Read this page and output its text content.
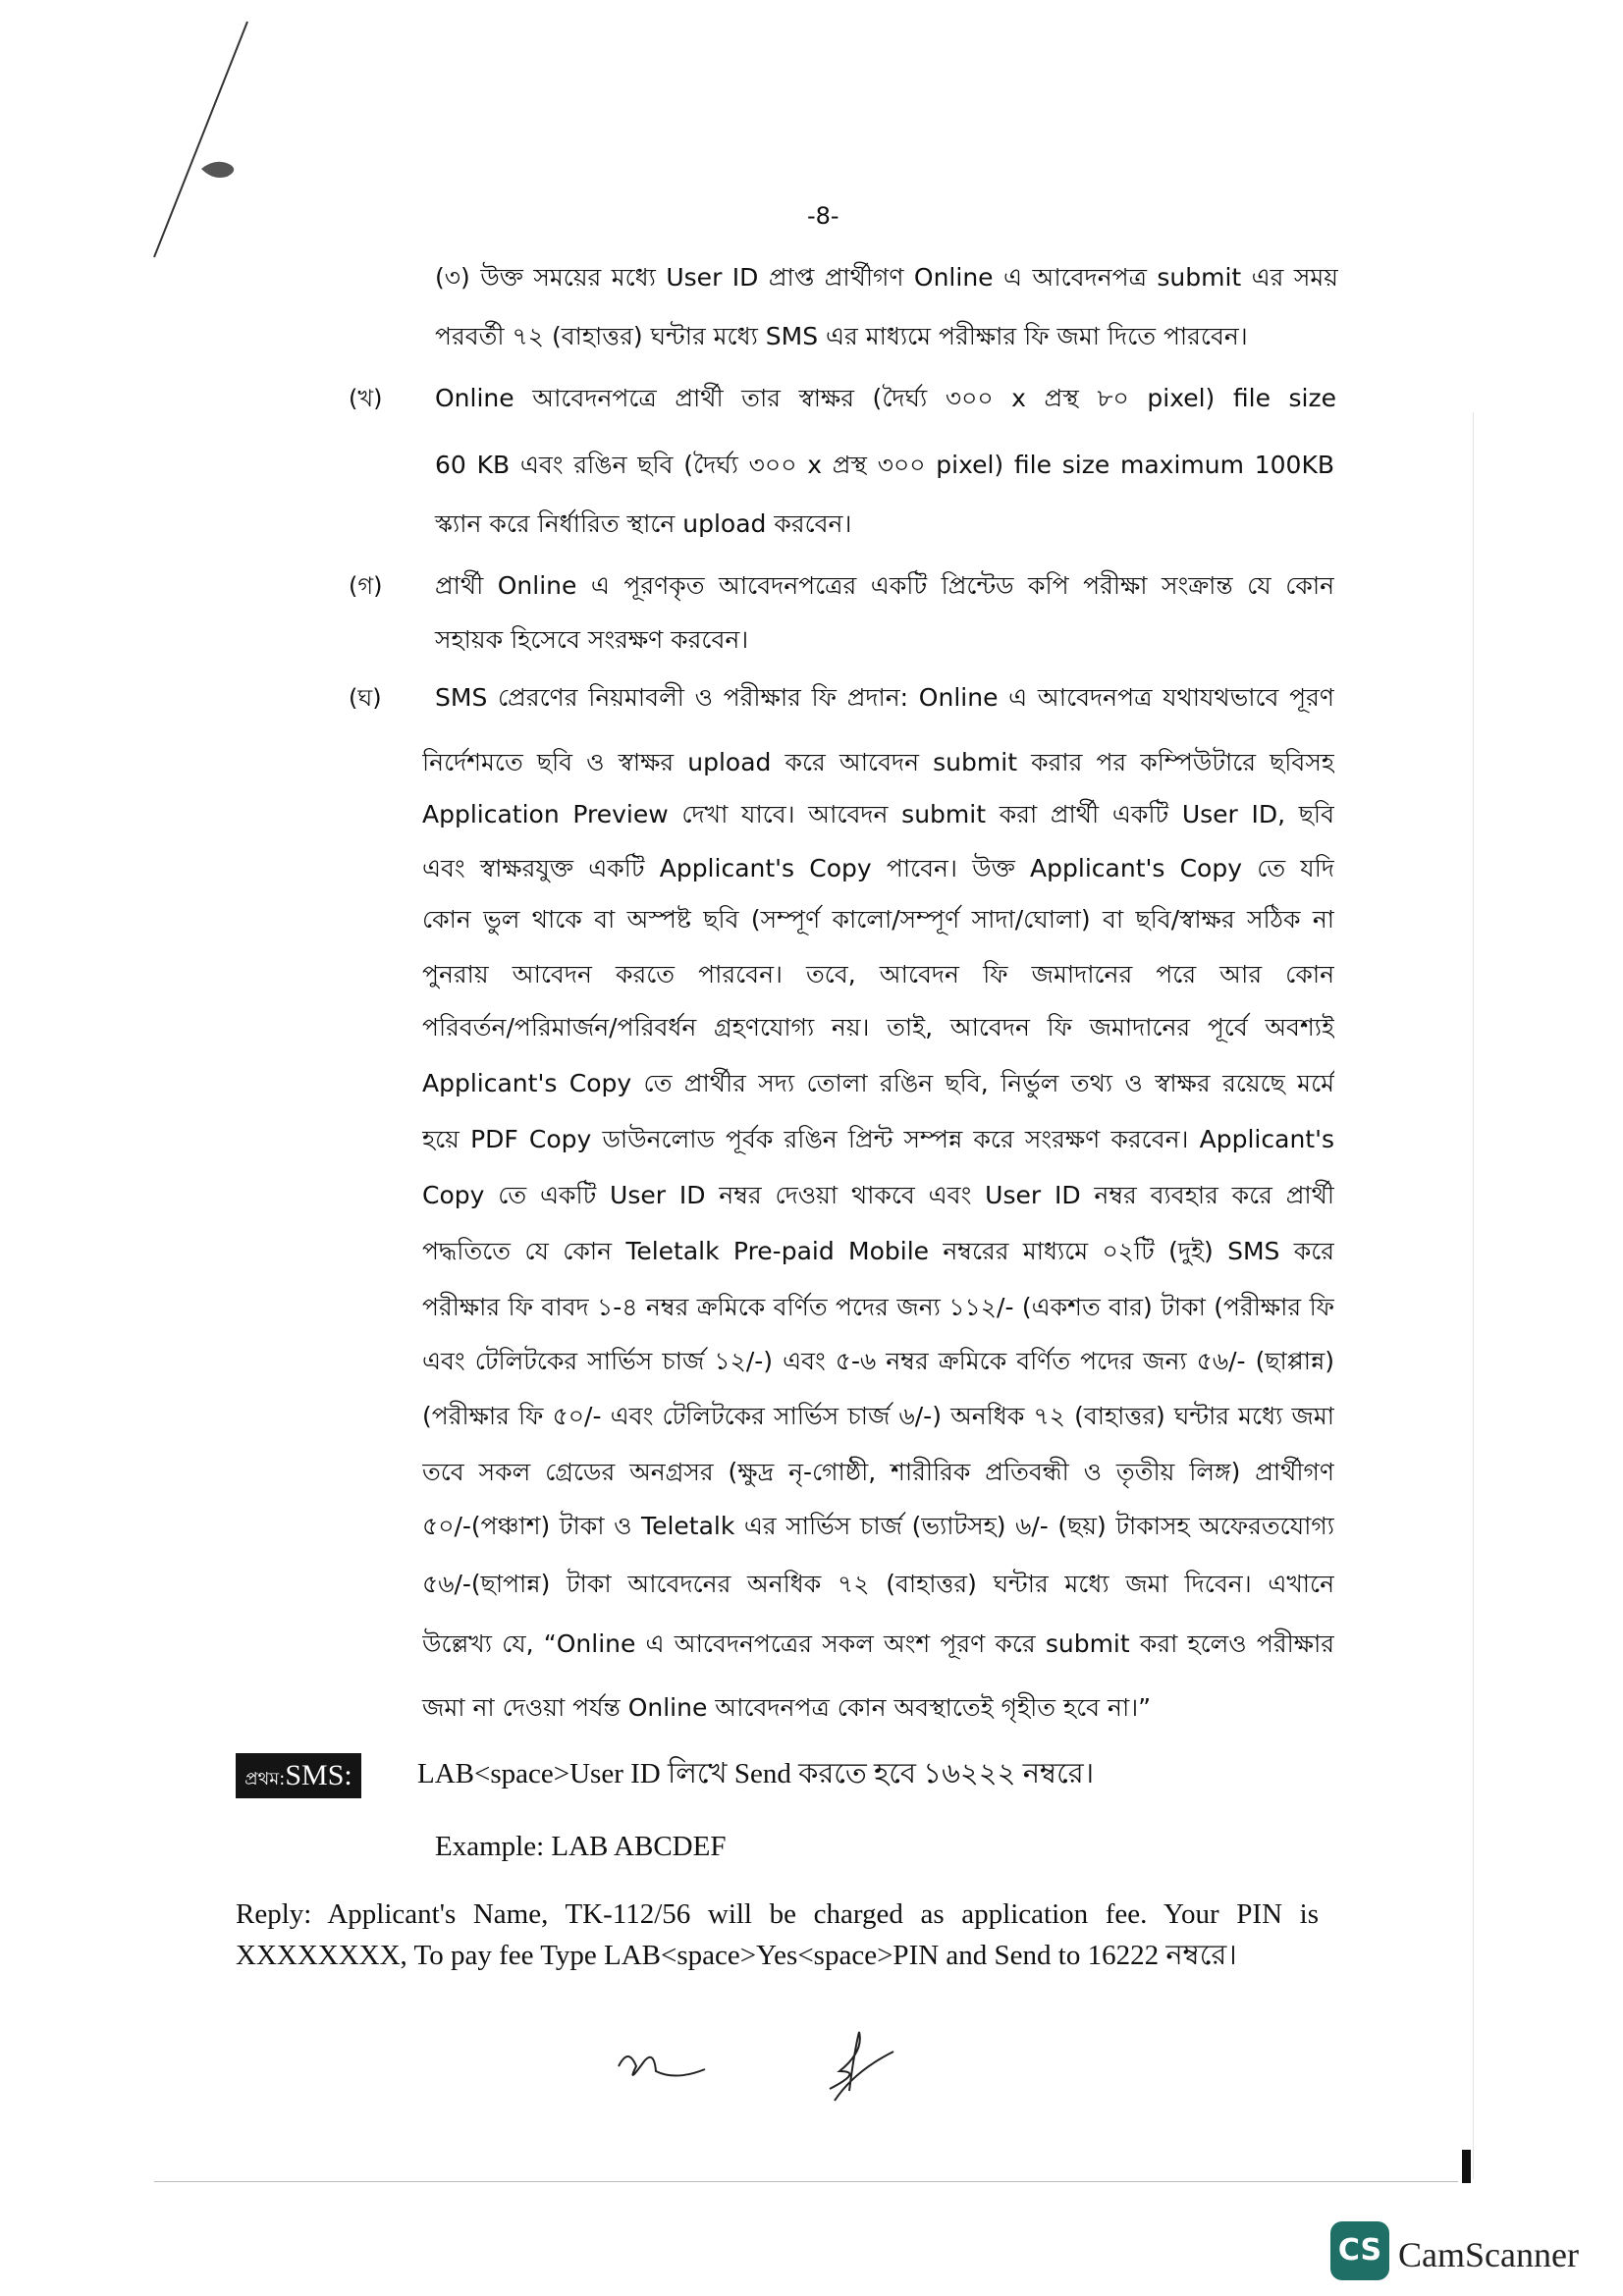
-8-
(৩) উক্ত সময়ের মধ্যে User ID প্রাপ্ত প্রার্থীগণ Online এ আবেদনপত্র submit এর সময়
পরবর্তী ৭২ (বাহাত্তর) ঘন্টার মধ্যে SMS এর মাধ্যমে পরীক্ষার ফি জমা দিতে পারবেন।
(খ) Online আবেদনপত্রে প্রার্থী তার স্বাক্ষর (দৈর্ঘ্য ৩০০ x প্রস্থ ৮০ pixel) file size
60 KB এবং রঙিন ছবি (দৈর্ঘ্য ৩০০ x প্রস্থ ৩০০ pixel) file size maximum 100KB
স্ক্যান করে নির্ধারিত স্থানে upload করবেন।
(গ) প্রার্থী Online এ পূরণকৃত আবেদনপত্রের একটি প্রিন্টেড কপি পরীক্ষা সংক্রান্ত যে কোন
সহায়ক হিসেবে সংরক্ষণ করবেন।
(ঘ) SMS প্রেরণের নিয়মাবলী ও পরীক্ষার ফি প্রদান: Online এ আবেদনপত্র যথাযথভাবে পূরণ
নির্দেশমতে ছবি ও স্বাক্ষর upload করে আবেদন submit করার পর কম্পিউটারে ছবিসহ
Application Preview দেখা যাবে। আবেদন submit করা প্রার্থী একটি User ID, ছবি
এবং স্বাক্ষরযুক্ত একটি Applicant's Copy পাবেন। উক্ত Applicant's Copy তে যদি
কোন ভুল থাকে বা অস্পষ্ট ছবি (সম্পূর্ণ কালো/সম্পূর্ণ সাদা/ঘোলা) বা ছবি/স্বাক্ষর সঠিক না
পুনরায় আবেদন করতে পারবেন। তবে, আবেদন ফি জমাদানের পরে আর কোন
পরিবর্তন/পরিমার্জন/পরিবর্ধন গ্রহণযোগ্য নয়। তাই, আবেদন ফি জমাদানের পূর্বে অবশ্যই
Applicant's Copy তে প্রার্থীর সদ্য তোলা রঙিন ছবি, নির্ভুল তথ্য ও স্বাক্ষর রয়েছে মর্মে
হয়ে PDF Copy ডাউনলোড পূর্বক রঙিন প্রিন্ট সম্পন্ন করে সংরক্ষণ করবেন। Applicant's
Copy তে একটি User ID নম্বর দেওয়া থাকবে এবং User ID নম্বর ব্যবহার করে প্রার্থী
পদ্ধতিতে যে কোন Teletalk Pre-paid Mobile নম্বরের মাধ্যমে ০২টি (দুই) SMS করে
পরীক্ষার ফি বাবদ ১-৪ নম্বর ক্রমিকে বর্ণিত পদের জন্য ১১২/- (একশত বার) টাকা (পরীক্ষার ফি
এবং টেলিটকের সার্ভিস চার্জ ১২/-) এবং ৫-৬ নম্বর ক্রমিকে বর্ণিত পদের জন্য ৫৬/- (ছাপ্পান্ন)
(পরীক্ষার ফি ৫০/- এবং টেলিটকের সার্ভিস চার্জ ৬/-) অনধিক ৭২ (বাহাত্তর) ঘন্টার মধ্যে জমা
তবে সকল গ্রেডের অনগ্রসর (ক্ষুদ্র নৃ-গোষ্ঠী, শারীরিক প্রতিবন্ধী ও তৃতীয় লিঙ্গ) প্রার্থীগণ
৫০/-(পঞ্চাশ) টাকা ও Teletalk এর সার্ভিস চার্জ (ভ্যাটসহ) ৬/- (ছয়) টাকাসহ অফেরতযোগ্য
৫৬/-(ছাপান্ন) টাকা আবেদনের অনধিক ৭২ (বাহাত্তর) ঘন্টার মধ্যে জমা দিবেন। এখানে
উল্লেখ্য যে, “Online এ আবেদনপত্রের সকল অংশ পূরণ করে submit করা হলেও পরীক্ষার
জমা না দেওয়া পর্যন্ত Online আবেদনপত্র কোন অবস্থাতেই গৃহীত হবে না।”
প্রথম:SMS:	LAB<space>User ID লিখে Send করতে হবে ১৬২২২ নম্বরে।
Example: LAB ABCDEF
Reply: Applicant's Name, TK-112/56 will be charged as application fee. Your PIN is
XXXXXXXX, To pay fee Type LAB<space>Yes<space>PIN and Send to 16222 নম্বরে।
CS CamScanner
